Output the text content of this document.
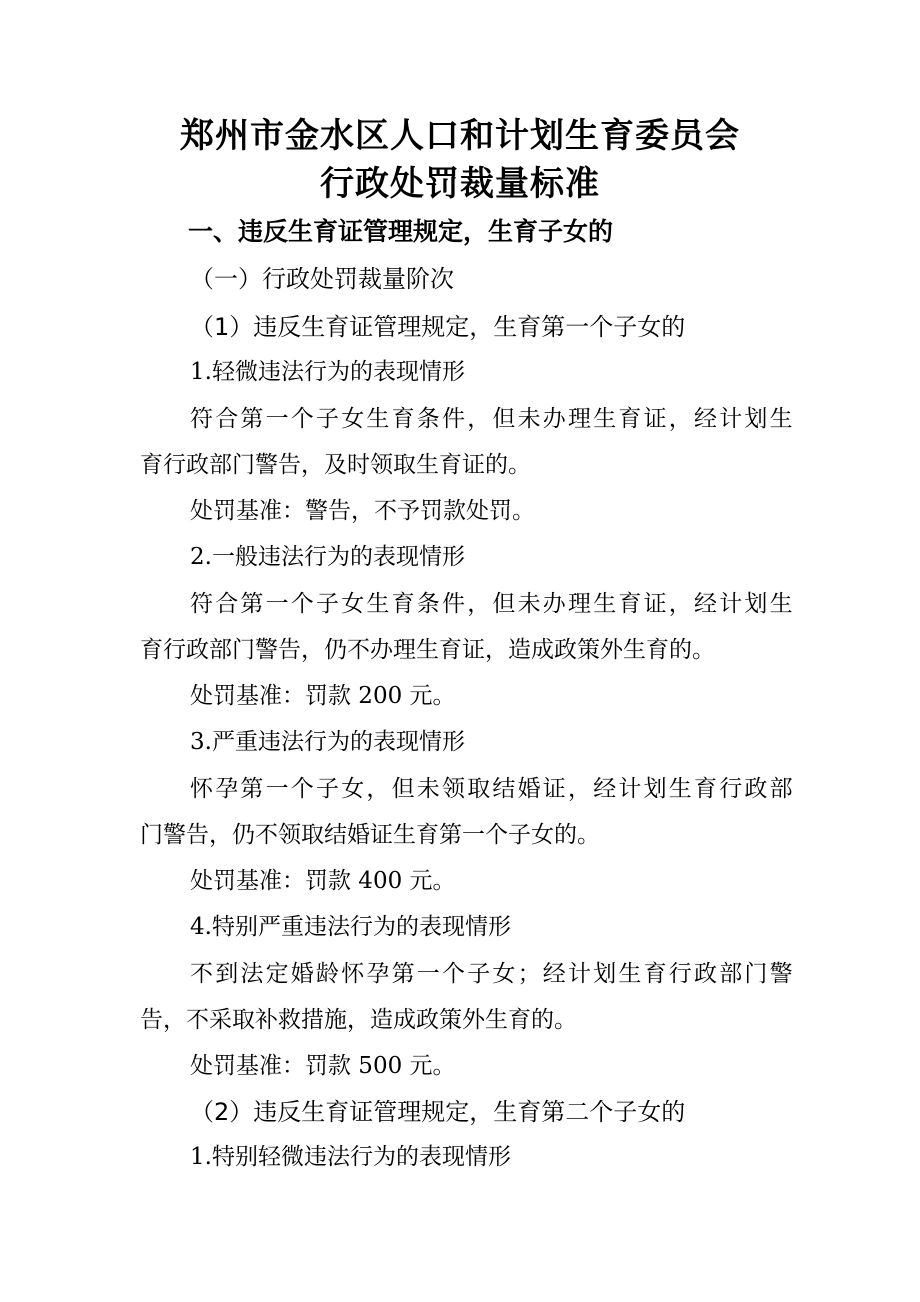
郑州市金水区人口和计划生育委员会
行政处罚裁量标准
一、违反生育证管理规定，生育子女的
（一）行政处罚裁量阶次
（1）违反生育证管理规定，生育第一个子女的
1.轻微违法行为的表现情形
符合第一个子女生育条件，但未办理生育证，经计划生
育行政部门警告，及时领取生育证的。
处罚基准：警告，不予罚款处罚。
2.一般违法行为的表现情形
符合第一个子女生育条件，但未办理生育证，经计划生
育行政部门警告，仍不办理生育证，造成政策外生育的。
处罚基准：罚款 200 元。
3.严重违法行为的表现情形
怀孕第一个子女，但未领取结婚证，经计划生育行政部
门警告，仍不领取结婚证生育第一个子女的。
处罚基准：罚款 400 元。
4.特别严重违法行为的表现情形
不到法定婚龄怀孕第一个子女；经计划生育行政部门警
告，不采取补救措施，造成政策外生育的。
处罚基准：罚款 500 元。
（2）违反生育证管理规定，生育第二个子女的
1.特别轻微违法行为的表现情形
